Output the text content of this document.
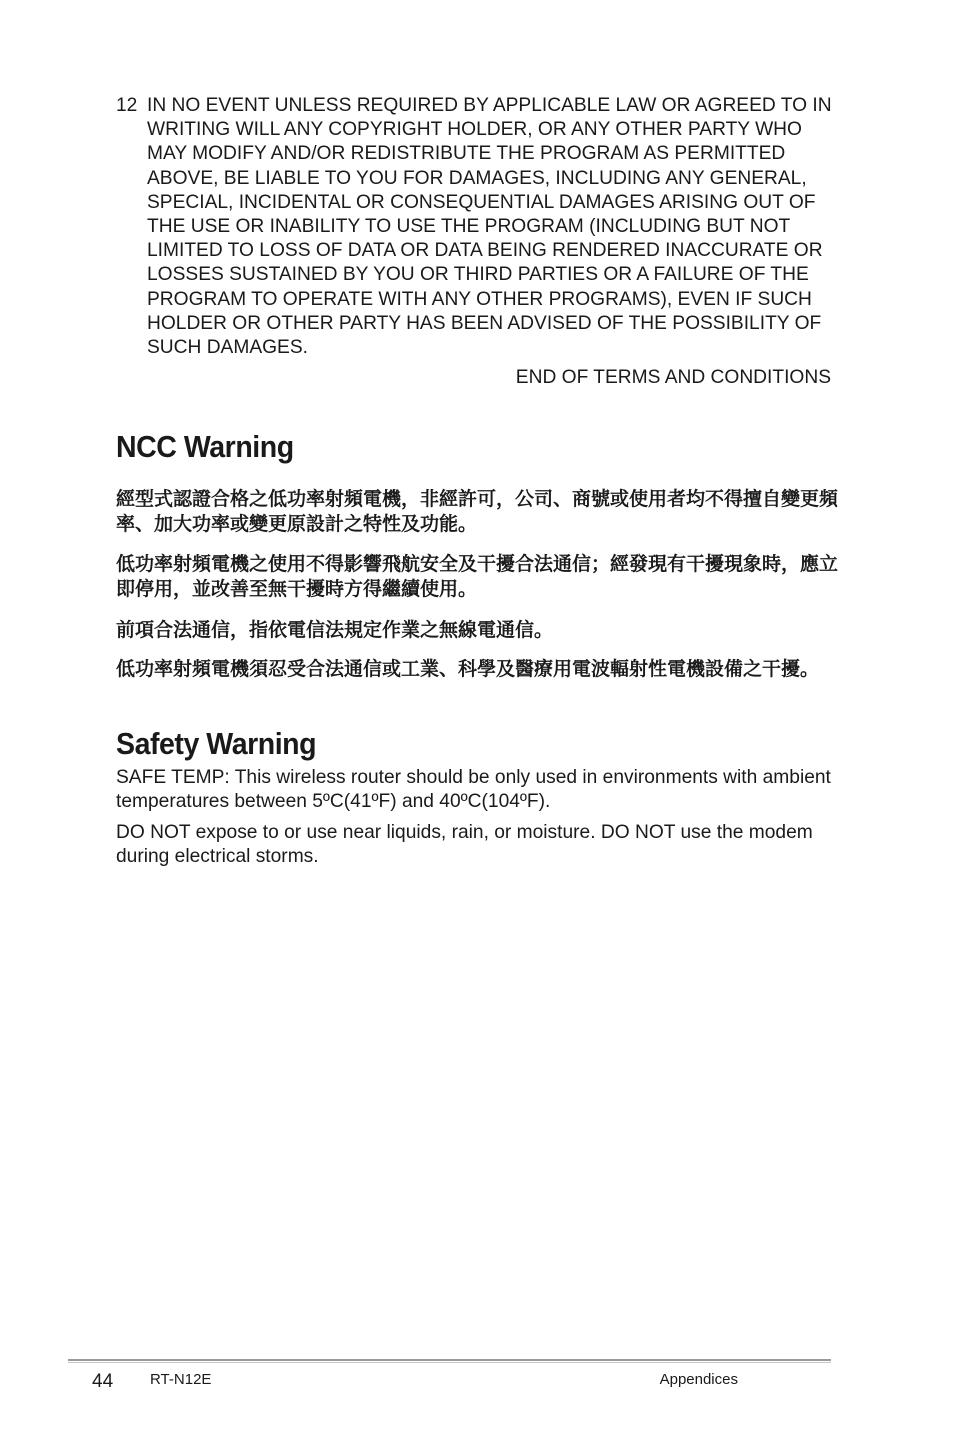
12 IN NO EVENT UNLESS REQUIRED BY APPLICABLE LAW OR AGREED TO IN WRITING WILL ANY COPYRIGHT HOLDER, OR ANY OTHER PARTY WHO MAY MODIFY AND/OR REDISTRIBUTE THE PROGRAM AS PERMITTED ABOVE, BE LIABLE TO YOU FOR DAMAGES, INCLUDING ANY GENERAL, SPECIAL, INCIDENTAL OR CONSEQUENTIAL DAMAGES ARISING OUT OF THE USE OR INABILITY TO USE THE PROGRAM (INCLUDING BUT NOT LIMITED TO LOSS OF DATA OR DATA BEING RENDERED INACCURATE OR LOSSES SUSTAINED BY YOU OR THIRD PARTIES OR A FAILURE OF THE PROGRAM TO OPERATE WITH ANY OTHER PROGRAMS), EVEN IF SUCH HOLDER OR OTHER PARTY HAS BEEN ADVISED OF THE POSSIBILITY OF SUCH DAMAGES.
END OF TERMS AND CONDITIONS
NCC Warning
經型式認證合格之低功率射頻電機，非經許可，公司、商號或使用者均不得擅自變更頻率、加大功率或變更原設計之特性及功能。
低功率射頻電機之使用不得影響飛航安全及干擾合法通信；經發現有干擾現象時，應立即停用，並改善至無干擾時方得繼續使用。
前項合法通信，指依電信法規定作業之無線電通信。
低功率射頻電機須忍受合法通信或工業、科學及醫療用電波輻射性電機設備之干擾。
Safety Warning
SAFE TEMP: This wireless router should be only used in environments with ambient temperatures between 5ºC(41ºF) and 40ºC(104ºF).
DO NOT expose to or use near liquids, rain, or moisture. DO NOT use the modem during electrical storms.
44 RT-N12E	Appendices
